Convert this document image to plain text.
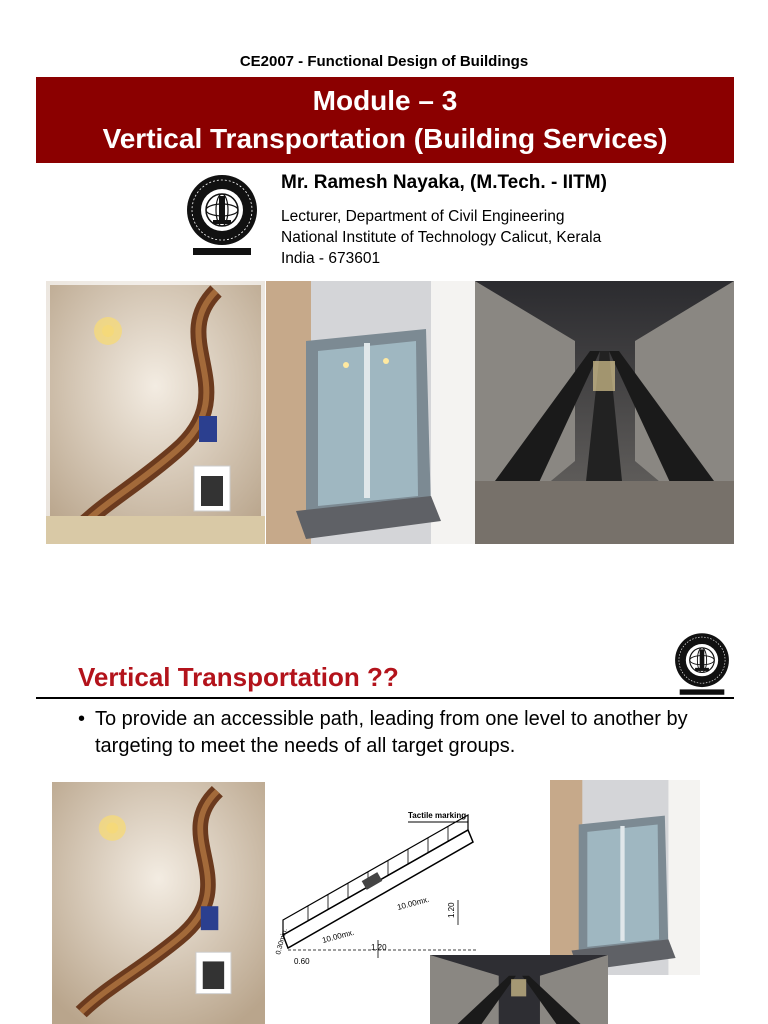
CE2007 - Functional Design of Buildings
Module – 3
Vertical Transportation (Building Services)
Mr. Ramesh Nayaka, (M.Tech. - IITM)
Lecturer, Department of Civil Engineering
National Institute of Technology Calicut, Kerala
India - 673601
Vertical Transportation ??
• To provide an accessible path, leading from one level to another by targeting to meet the needs of all target groups.
Tactile marking
10.00mx.
10.00mx.
1.20
1.20
0.60
0.30min.
